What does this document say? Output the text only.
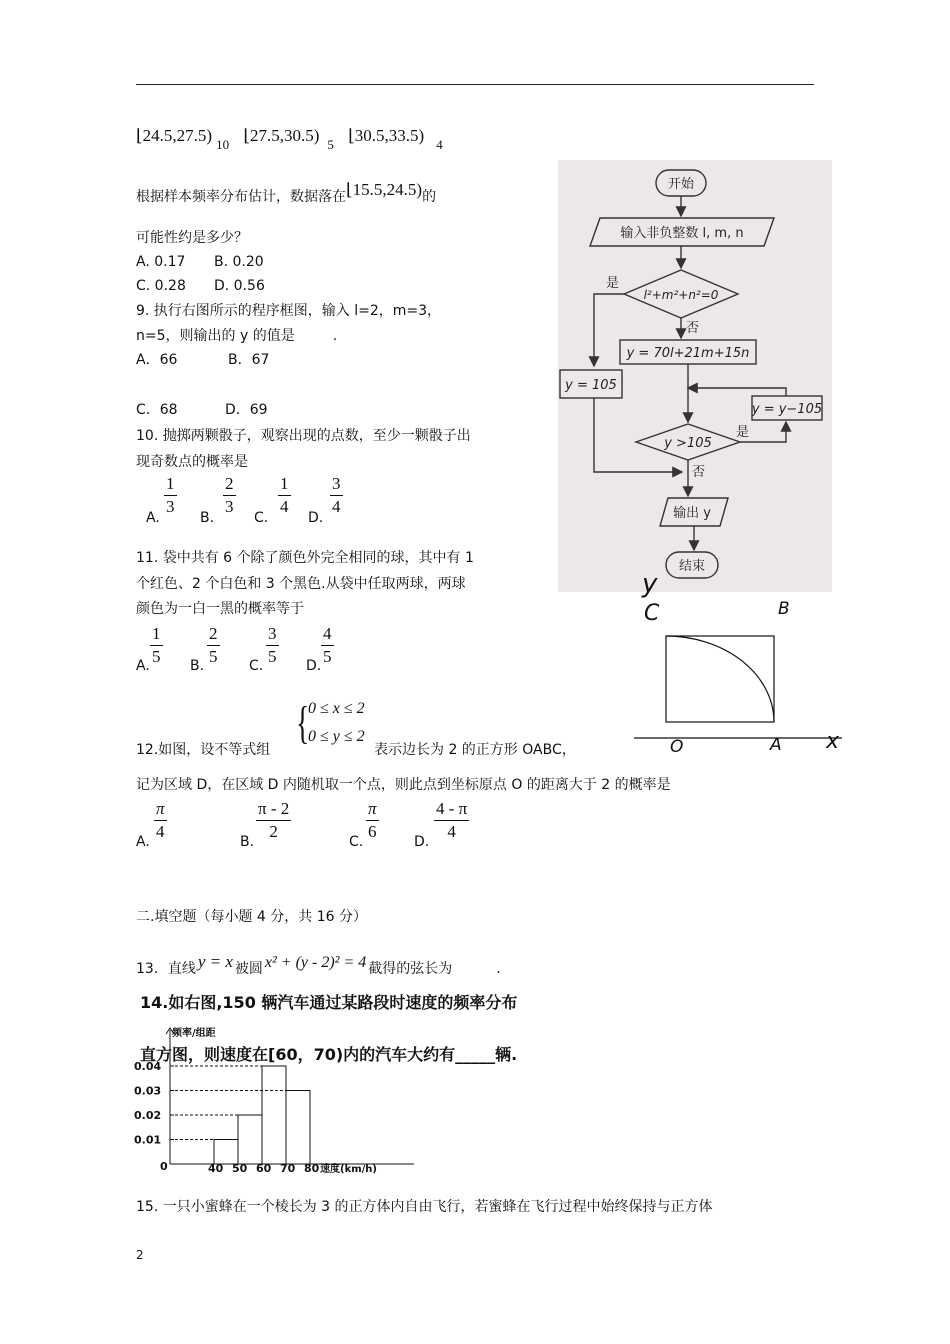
⌊24.5,27.5) $_{10}$ ⌊27.5,30.5) $_5$ ⌊30.5,33.5) $_4$
根据样本频率分布估计，数据落在⌊15.5,24.5)的
可能性约是多少？
A. 0.17 B. 0.20
C. 0.28 D. 0.56
9. 执行右图所示的程序框图，输入 l=2，m=3，
n=5，则输出的 y 的值是	.
A．66	B．67
C．68	D．69
开始
输入非负整数 l, m, n
l²+m²+n²=0
是
否
y = 70l+21m+15n
y = 105
y = y−105
y >105
是
否
输出 y
结束
10. 抛掷两颗骰子，观察出现的点数，至少一颗骰子出
现奇数点的概率是
A.
1
3
B.
2
3
C.
1
4
D.
3
4
11. 袋中共有 6 个除了颜色外完全相同的球，其中有 1
个红色、2 个白色和 3 个黑色.从袋中任取两球，两球
颜色为一白一黑的概率等于
A.
1
5 B.
2
5 C.
3
5 D.
4
5
y
C	B
O	A x
{
0 ≤ x ≤ 2
0 ≤ y ≤ 2
12.如图，设不等式组	表示边长为 2 的正方形 OABC，
记为区域 D，在区域 D 内随机取一个点，则此点到坐标原点 O 的距离大于 2 的概率是
A.
π
4
B.
π - 2
2
C.
π
6
D.
4 - π
4
二.填空题（每小题 4 分，共 16 分）
13．直线 y = x 被圆 x² + (y - 2)² = 4 截得的弦长为	.
14.如右图,150 辆汽车通过某路段时速度的频率分布
频率/组距
速度(km/h)
0
0.04
0.03
0.02
0.01
40 50 60 70 80
直方图，则速度在[60，70)内的汽车大约有_____辆.
15. 一只小蜜蜂在一个棱长为 3 的正方体内自由飞行，若蜜蜂在飞行过程中始终保持与正方体
2
